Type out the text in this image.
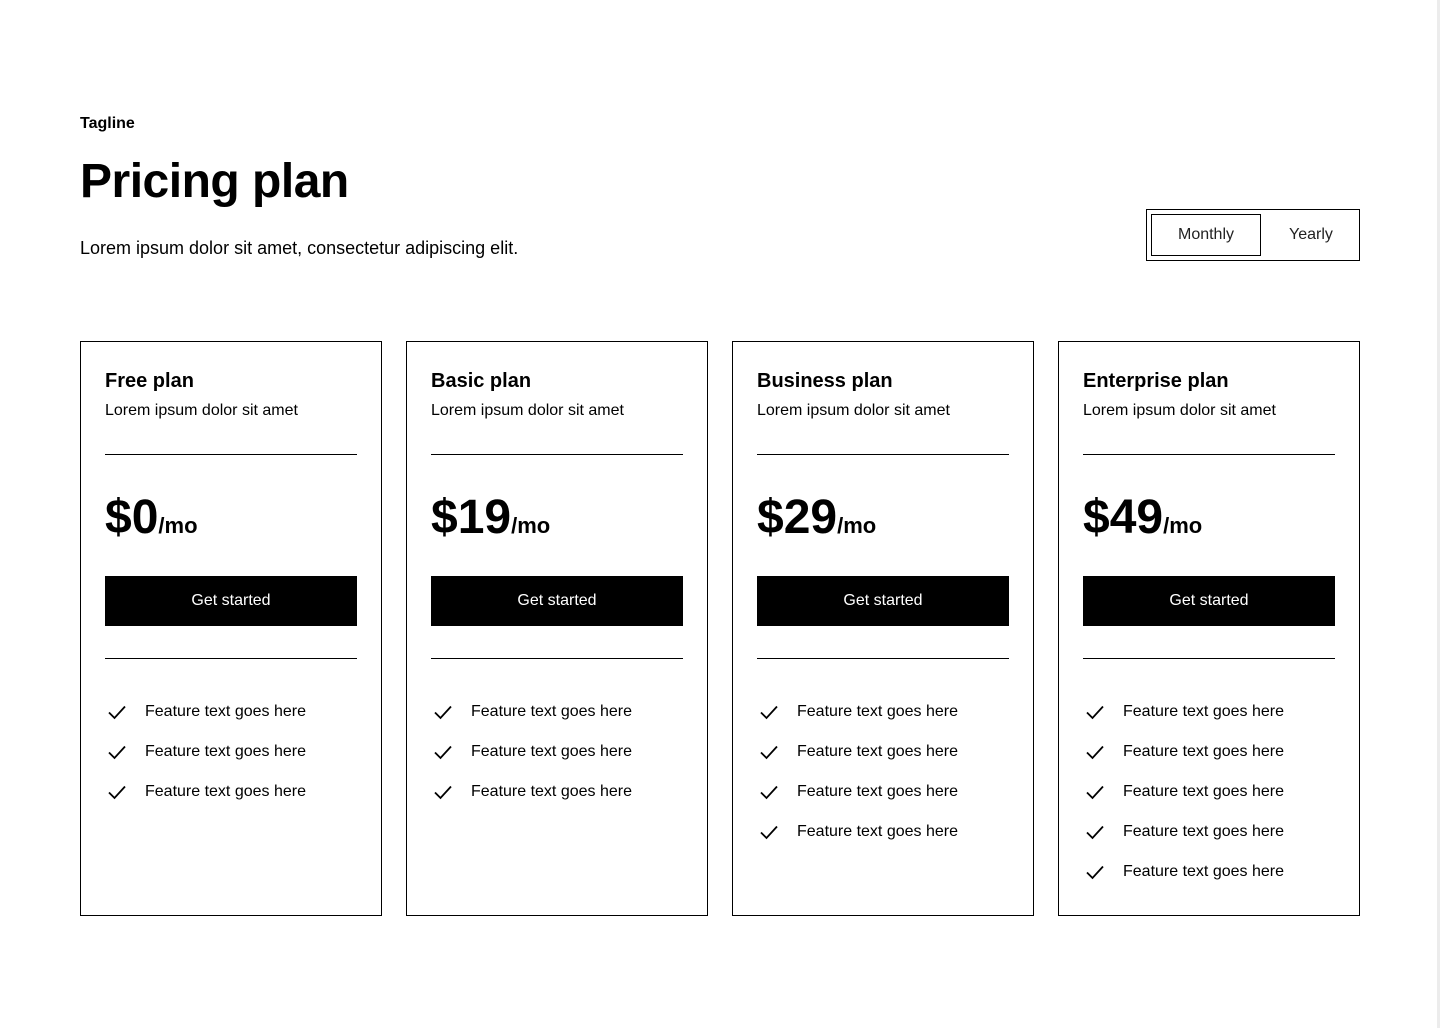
Tagline
Pricing plan

Lorem ipsum dolor sit amet, consectetur adipiscing elit.

Monthly	Yearly
Free plan
Lorem ipsum dolor sit amet
$0/mo
Get started
Feature text goes here
Feature text goes here
Feature text goes here
Basic plan
Lorem ipsum dolor sit amet
$19/mo
Get started
Feature text goes here
Feature text goes here
Feature text goes here
Business plan
Lorem ipsum dolor sit amet
$29/mo
Get started
Feature text goes here
Feature text goes here
Feature text goes here
Feature text goes here
Enterprise plan
Lorem ipsum dolor sit amet
$49/mo
Get started
Feature text goes here
Feature text goes here
Feature text goes here
Feature text goes here
Feature text goes here
